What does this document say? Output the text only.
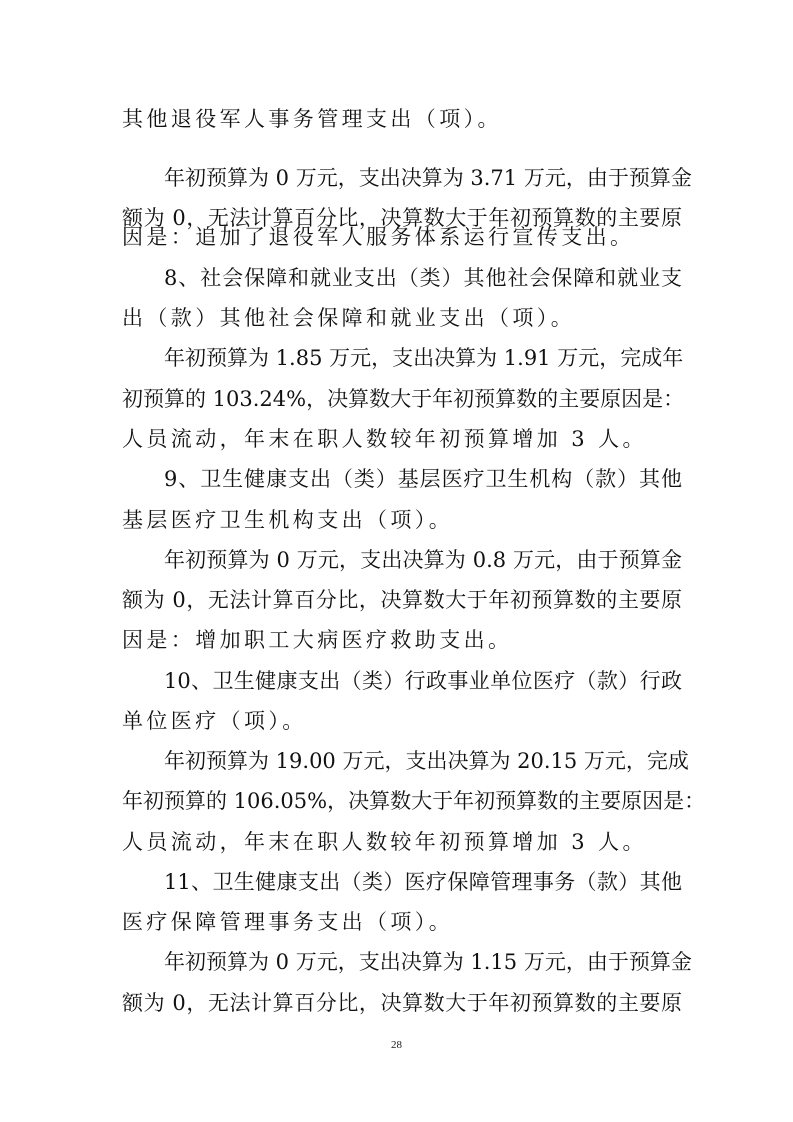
其他退役军人事务管理支出（项）。
年初预算为 0 万元，支出决算为 3.71 万元，由于预算金
额为 0，无法计算百分比，决算数大于年初预算数的主要原
因是：追加了退役军人服务体系运行宣传支出。
8、社会保障和就业支出（类）其他社会保障和就业支
出（款）其他社会保障和就业支出（项）。
年初预算为 1.85 万元，支出决算为 1.91 万元，完成年
初预算的 103.24%，决算数大于年初预算数的主要原因是：
人员流动，年末在职人数较年初预算增加 3 人。
9、卫生健康支出（类）基层医疗卫生机构（款）其他
基层医疗卫生机构支出（项）。
年初预算为 0 万元，支出决算为 0.8 万元，由于预算金
额为 0，无法计算百分比，决算数大于年初预算数的主要原
因是：增加职工大病医疗救助支出。
10、卫生健康支出（类）行政事业单位医疗（款）行政
单位医疗（项）。
年初预算为 19.00 万元，支出决算为 20.15 万元，完成
年初预算的 106.05%，决算数大于年初预算数的主要原因是：
人员流动，年末在职人数较年初预算增加 3 人。
11、卫生健康支出（类）医疗保障管理事务（款）其他
医疗保障管理事务支出（项）。
年初预算为 0 万元，支出决算为 1.15 万元，由于预算金
额为 0，无法计算百分比，决算数大于年初预算数的主要原
28
